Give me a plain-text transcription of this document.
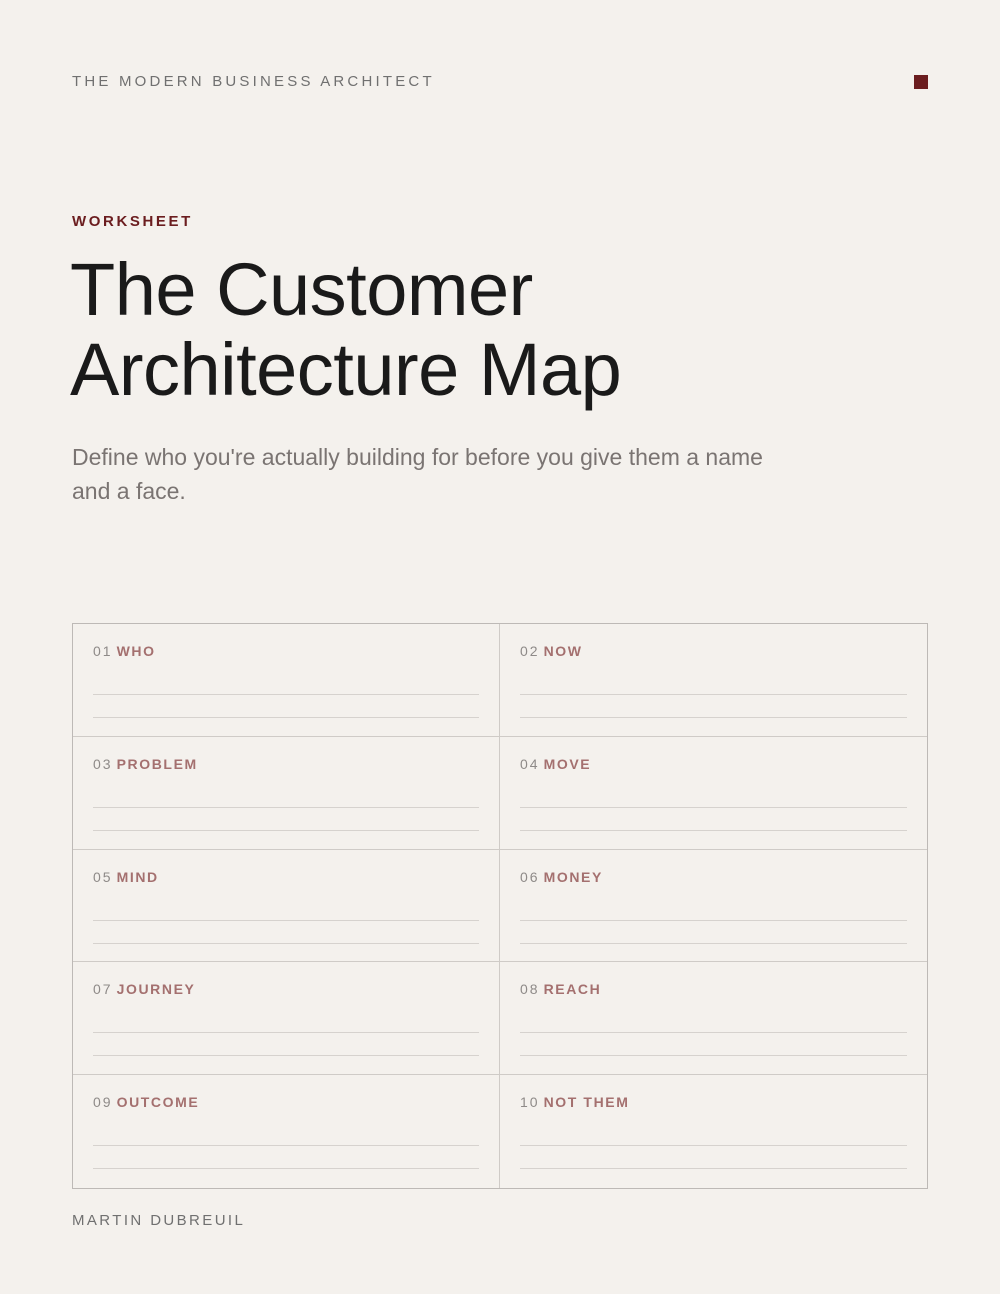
THE MODERN BUSINESS ARCHITECT
WORKSHEET
The Customer
Architecture Map

Define who you're actually building for before you give them a name and a face.

01 WHO	02 NOW
03 PROBLEM	04 MOVE
05 MIND	06 MONEY
07 JOURNEY	08 REACH
09 OUTCOME	10 NOT THEM
MARTIN DUBREUIL
